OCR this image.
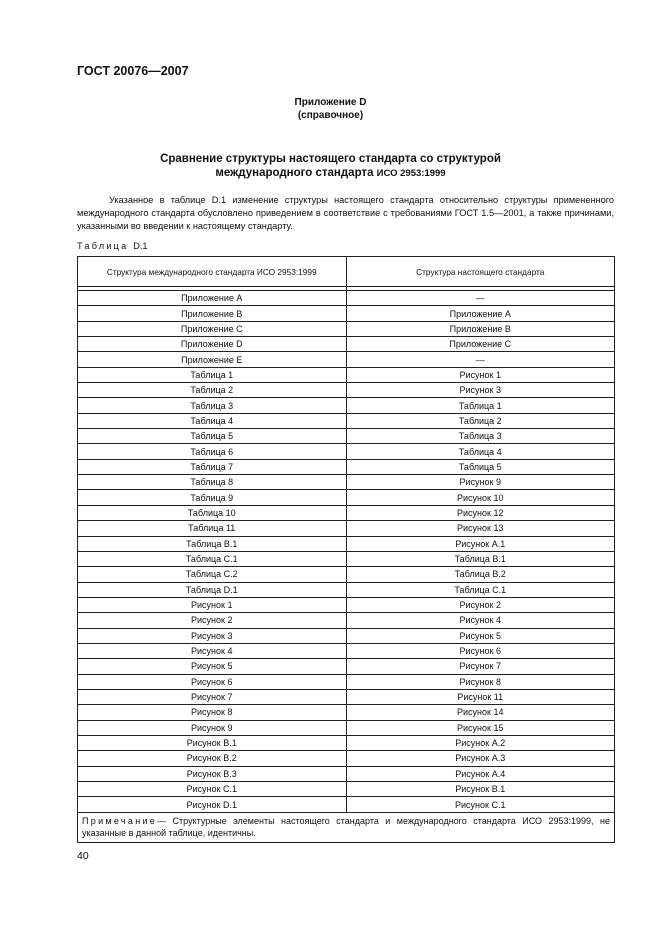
ГОСТ 20076—2007
Приложение D
(справочное)
Сравнение структуры настоящего стандарта со структурой
международного стандарта ИСО 2953:1999
Указанное в таблице D.1 изменение структуры настоящего стандарта относительно структуры примененного международного стандарта обусловлено приведением в соответствие с требованиями ГОСТ 1.5—2001, а также причинами, указанными во введении к настоящему стандарту.
Таблица D.1
Структура международного стандарта ИСО 2953:1999	Структура настоящего стандарта

Приложение А	—
Приложение В	Приложение А
Приложение С	Приложение В
Приложение D	Приложение С
Приложение Е	—
Таблица 1	Рисунок 1
Таблица 2	Рисунок 3
Таблица 3	Таблица 1
Таблица 4	Таблица 2
Таблица 5	Таблица 3
Таблица 6	Таблица 4
Таблица 7	Таблица 5
Таблица 8	Рисунок 9
Таблица 9	Рисунок 10
Таблица 10	Рисунок 12
Таблица 11	Рисунок 13
Таблица В.1	Рисунок А.1
Таблица С.1	Таблица В.1
Таблица С.2	Таблица В.2
Таблица D.1	Таблица С.1
Рисунок 1	Рисунок 2
Рисунок 2	Рисунок 4
Рисунок 3	Рисунок 5
Рисунок 4	Рисунок 6
Рисунок 5	Рисунок 7
Рисунок 6	Рисунок 8
Рисунок 7	Рисунок 11
Рисунок 8	Рисунок 14
Рисунок 9	Рисунок 15
Рисунок В.1	Рисунок А.2
Рисунок В.2	Рисунок А.3
Рисунок В.3	Рисунок А.4
Рисунок С.1	Рисунок В.1
Рисунок D.1	Рисунок С.1
Примечание— Структурные элементы настоящего стандарта и международного стандарта ИСО 2953:1999, не указанные в данной таблице, идентичны.	
40
